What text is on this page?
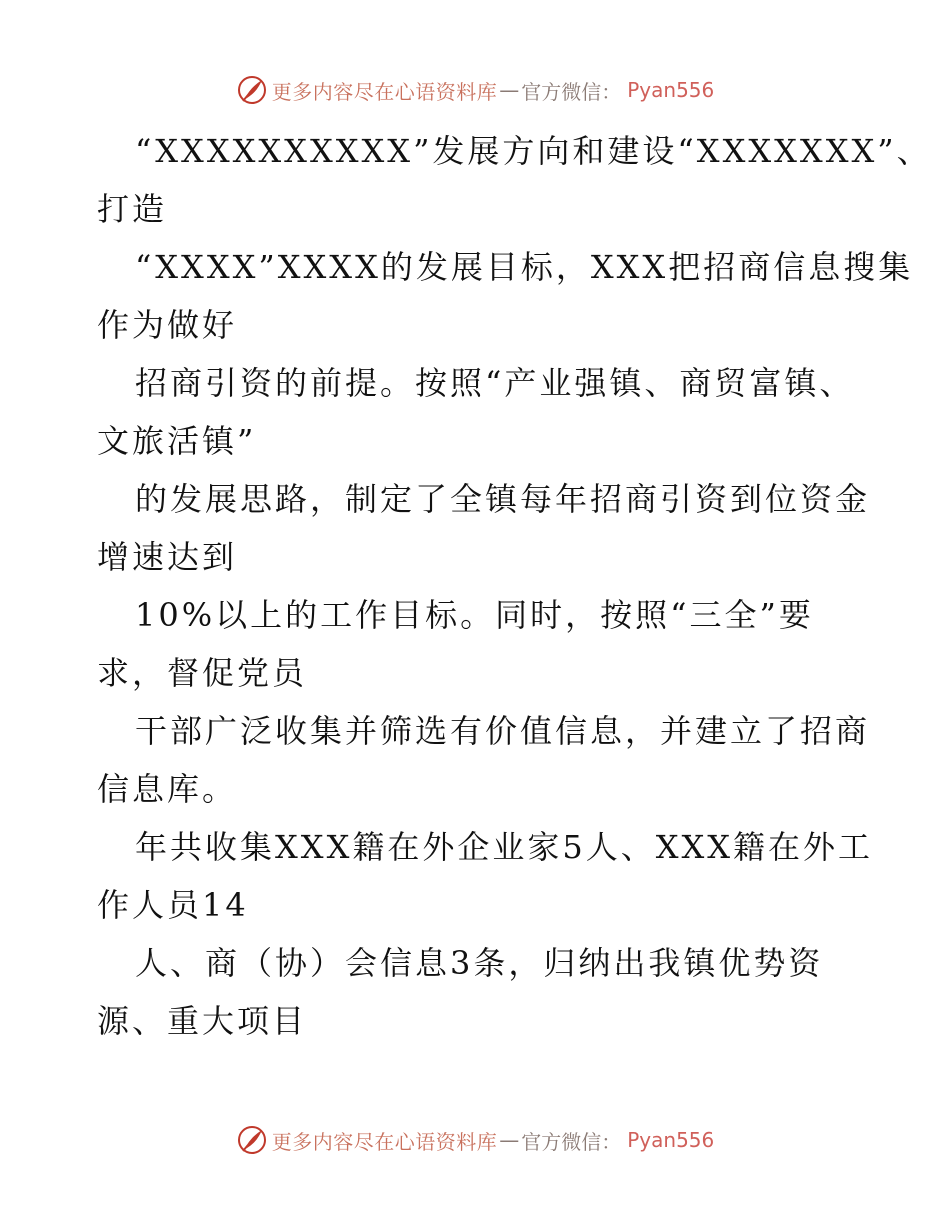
更多内容尽在心语资料库 — 官方微信 ： Pyan556
“XXXXXXXXXX”发展方向和建设“XXXXXXX”、
打造
“XXXX”XXXX的发展目标，XXX把招商信息搜集
作为做好
招商引资的前提。按照“产业强镇、商贸富镇、
文旅活镇”
的发展思路，制定了全镇每年招商引资到位资金
增速达到
10%以上的工作目标。同时，按照“三全”要
求，督促党员
干部广泛收集并筛选有价值信息，并建立了招商
信息库。
年共收集XXX籍在外企业家5人、XXX籍在外工
作人员14
人、商（协）会信息3条，归纳出我镇优势资
源、重大项目
更多内容尽在心语资料库 — 官方微信 ： Pyan556
